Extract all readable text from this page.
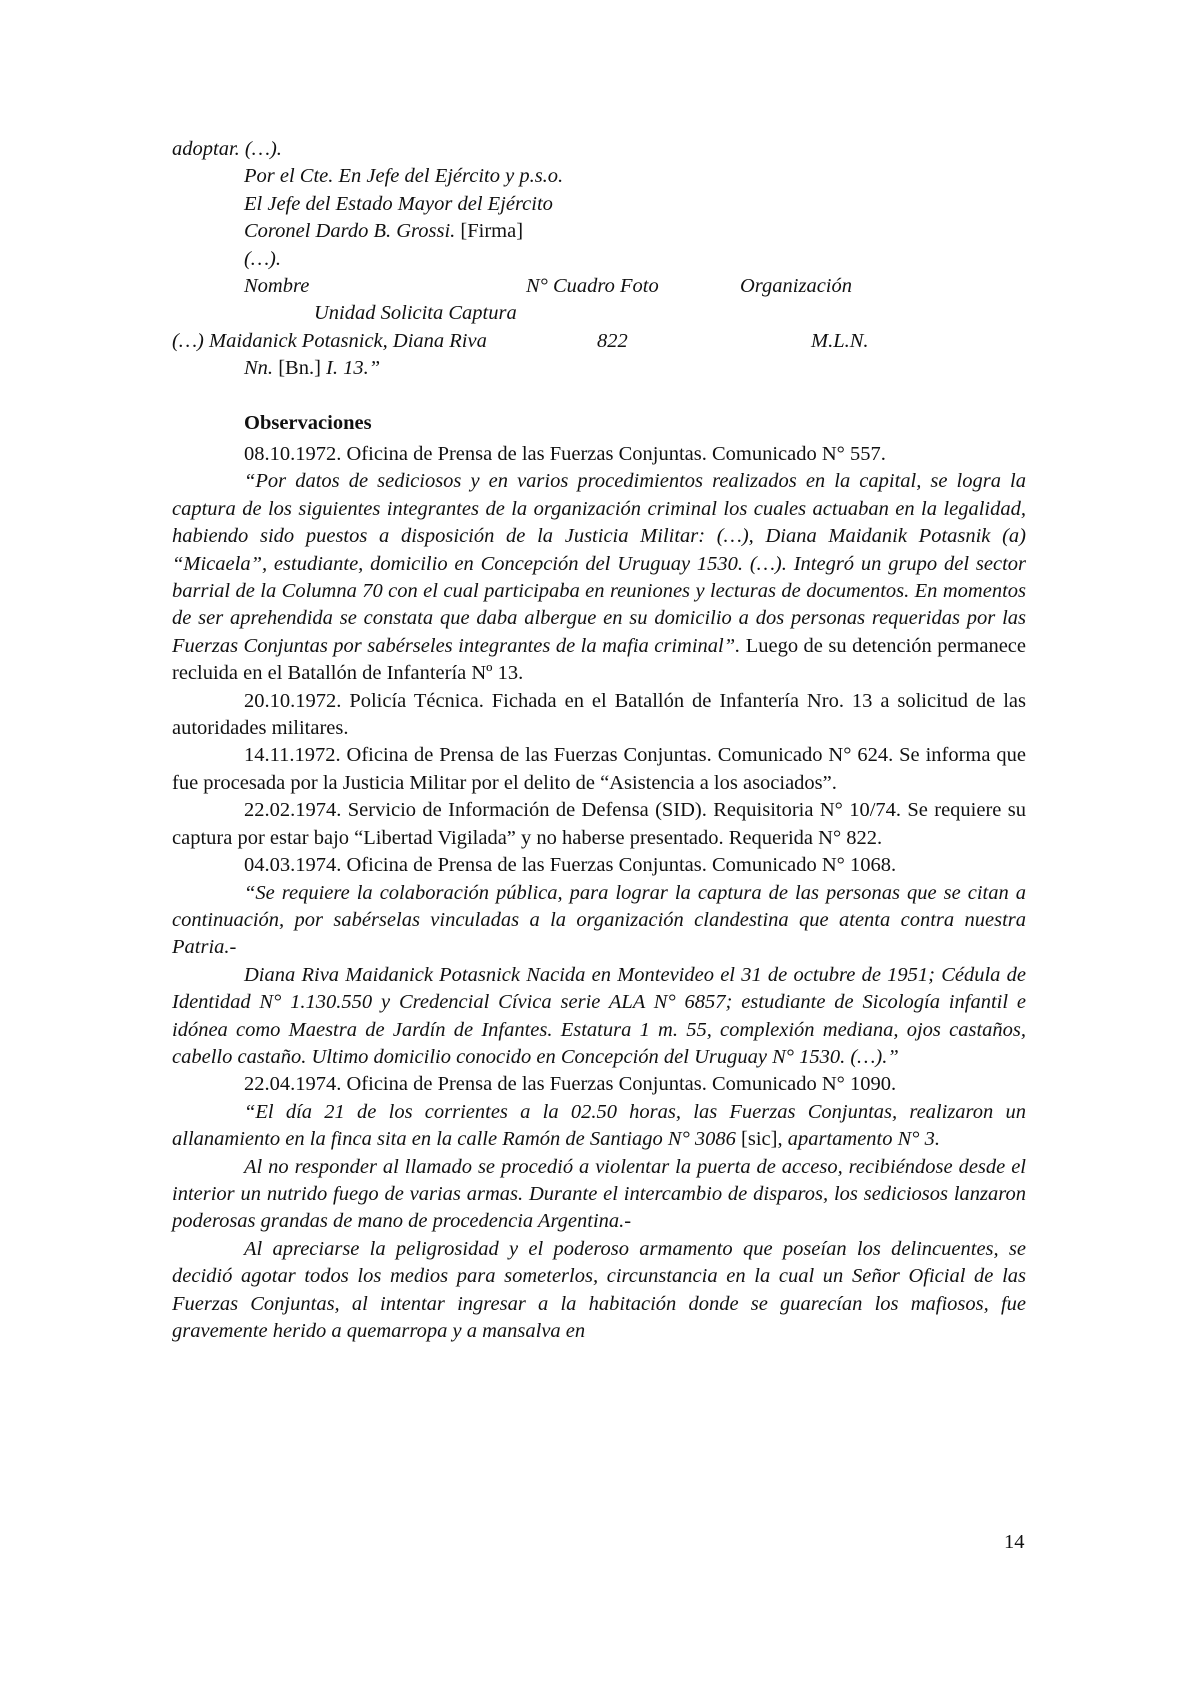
adoptar. (…).
Por el Cte. En Jefe del Ejército y p.s.o.
El Jefe del Estado Mayor del Ejército
Coronel Dardo B. Grossi. [Firma]
(…).
Nombre	N° Cuadro Foto	Organización
Unidad Solicita Captura
(…) Maidanick Potasnick, Diana Riva	822	M.L.N.
Nn. [Bn.] I. 13.”
Observaciones
08.10.1972. Oficina de Prensa de las Fuerzas Conjuntas. Comunicado N° 557.
“Por datos de sediciosos y en varios procedimientos realizados en la capital, se logra la captura de los siguientes integrantes de la organización criminal los cuales actuaban en la legalidad, habiendo sido puestos a disposición de la Justicia Militar: (…), Diana Maidanik Potasnik (a) “Micaela”, estudiante, domicilio en Concepción del Uruguay 1530. (…). Integró un grupo del sector barrial de la Columna 70 con el cual participaba en reuniones y lecturas de documentos. En momentos de ser aprehendida se constata que daba albergue en su domicilio a dos personas requeridas por las Fuerzas Conjuntas por sabérseles integrantes de la mafia criminal”. Luego de su detención permanece recluida en el Batallón de Infantería Nº 13.
20.10.1972. Policía Técnica. Fichada en el Batallón de Infantería Nro. 13 a solicitud de las autoridades militares.
14.11.1972. Oficina de Prensa de las Fuerzas Conjuntas. Comunicado N° 624. Se informa que fue procesada por la Justicia Militar por el delito de “Asistencia a los asociados”.
22.02.1974. Servicio de Información de Defensa (SID). Requisitoria N° 10/74. Se requiere su captura por estar bajo “Libertad Vigilada” y no haberse presentado. Requerida N° 822.
04.03.1974. Oficina de Prensa de las Fuerzas Conjuntas. Comunicado N° 1068.
“Se requiere la colaboración pública, para lograr la captura de las personas que se citan a continuación, por sabérselas vinculadas a la organización clandestina que atenta contra nuestra Patria.-
Diana Riva Maidanick Potasnick Nacida en Montevideo el 31 de octubre de 1951; Cédula de Identidad N° 1.130.550 y Credencial Cívica serie ALA N° 6857; estudiante de Sicología infantil e idónea como Maestra de Jardín de Infantes. Estatura 1 m. 55, complexión mediana, ojos castaños, cabello castaño. Ultimo domicilio conocido en Concepción del Uruguay N° 1530. (…).”
22.04.1974. Oficina de Prensa de las Fuerzas Conjuntas. Comunicado N° 1090.
“El día 21 de los corrientes a la 02.50 horas, las Fuerzas Conjuntas, realizaron un allanamiento en la finca sita en la calle Ramón de Santiago N° 3086 [sic], apartamento N° 3.
Al no responder al llamado se procedió a violentar la puerta de acceso, recibiéndose desde el interior un nutrido fuego de varias armas. Durante el intercambio de disparos, los sediciosos lanzaron poderosas grandas de mano de procedencia Argentina.-
Al apreciarse la peligrosidad y el poderoso armamento que poseían los delincuentes, se decidió agotar todos los medios para someterlos, circunstancia en la cual un Señor Oficial de las Fuerzas Conjuntas, al intentar ingresar a la habitación donde se guarecían los mafiosos, fue gravemente herido a quemarropa y a mansalva en
14
